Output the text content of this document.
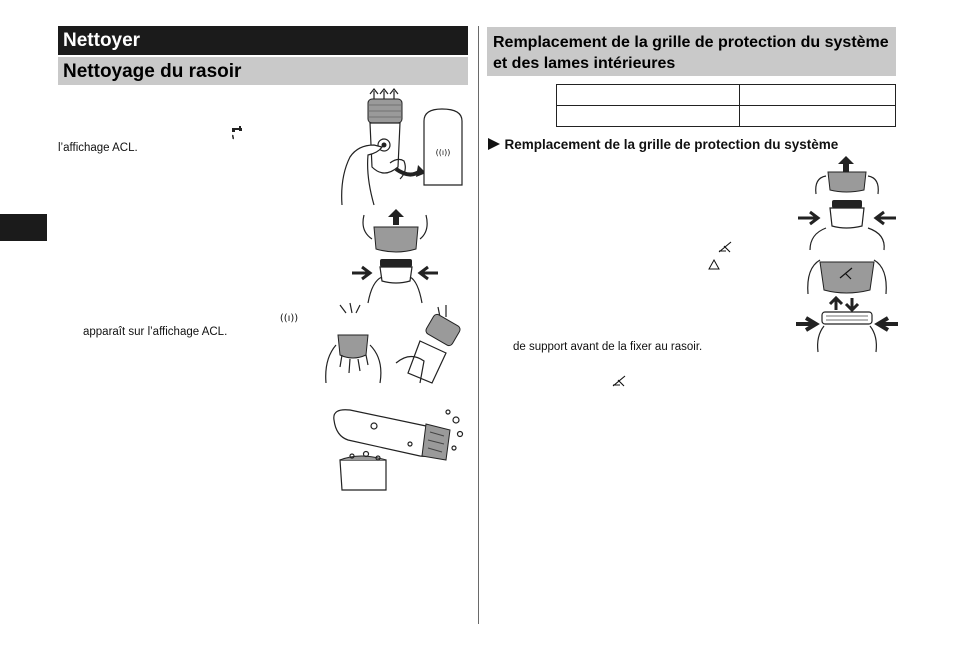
Nettoyer
Nettoyage du rasoir
l’affichage ACL.
((ı))
apparaît sur l’affichage ACL.
((ı))
Remplacement de la grille de protection du système et des lames intérieures

Remplacement de la grille de protection du système
de support avant de la fixer au rasoir.
